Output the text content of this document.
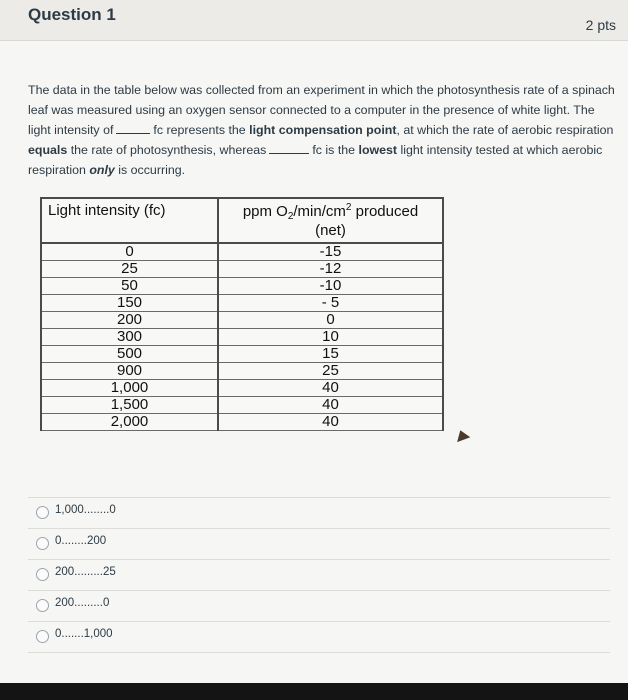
Question 1
2 pts
The data in the table below was collected from an experiment in which the photosynthesis rate of a spinach leaf was measured using an oxygen sensor connected to a computer in the presence of white light. The light intensity of	fc represents the light compensation point, at which the rate of aerobic respiration equals the rate of photosynthesis, whereas	fc is the lowest light intensity tested at which aerobic respiration only is occurring.
Light intensity (fc)	ppm $O_2/\min/cm^2$ produced
(net)
0	-15
25	-12
50	-10
150	- 5
200	0
300	10
500	15
900	25
1,000	40
1,500	40
2,000	40
1,000........0
0........200
200.........25
200.........0
0.......1,000
